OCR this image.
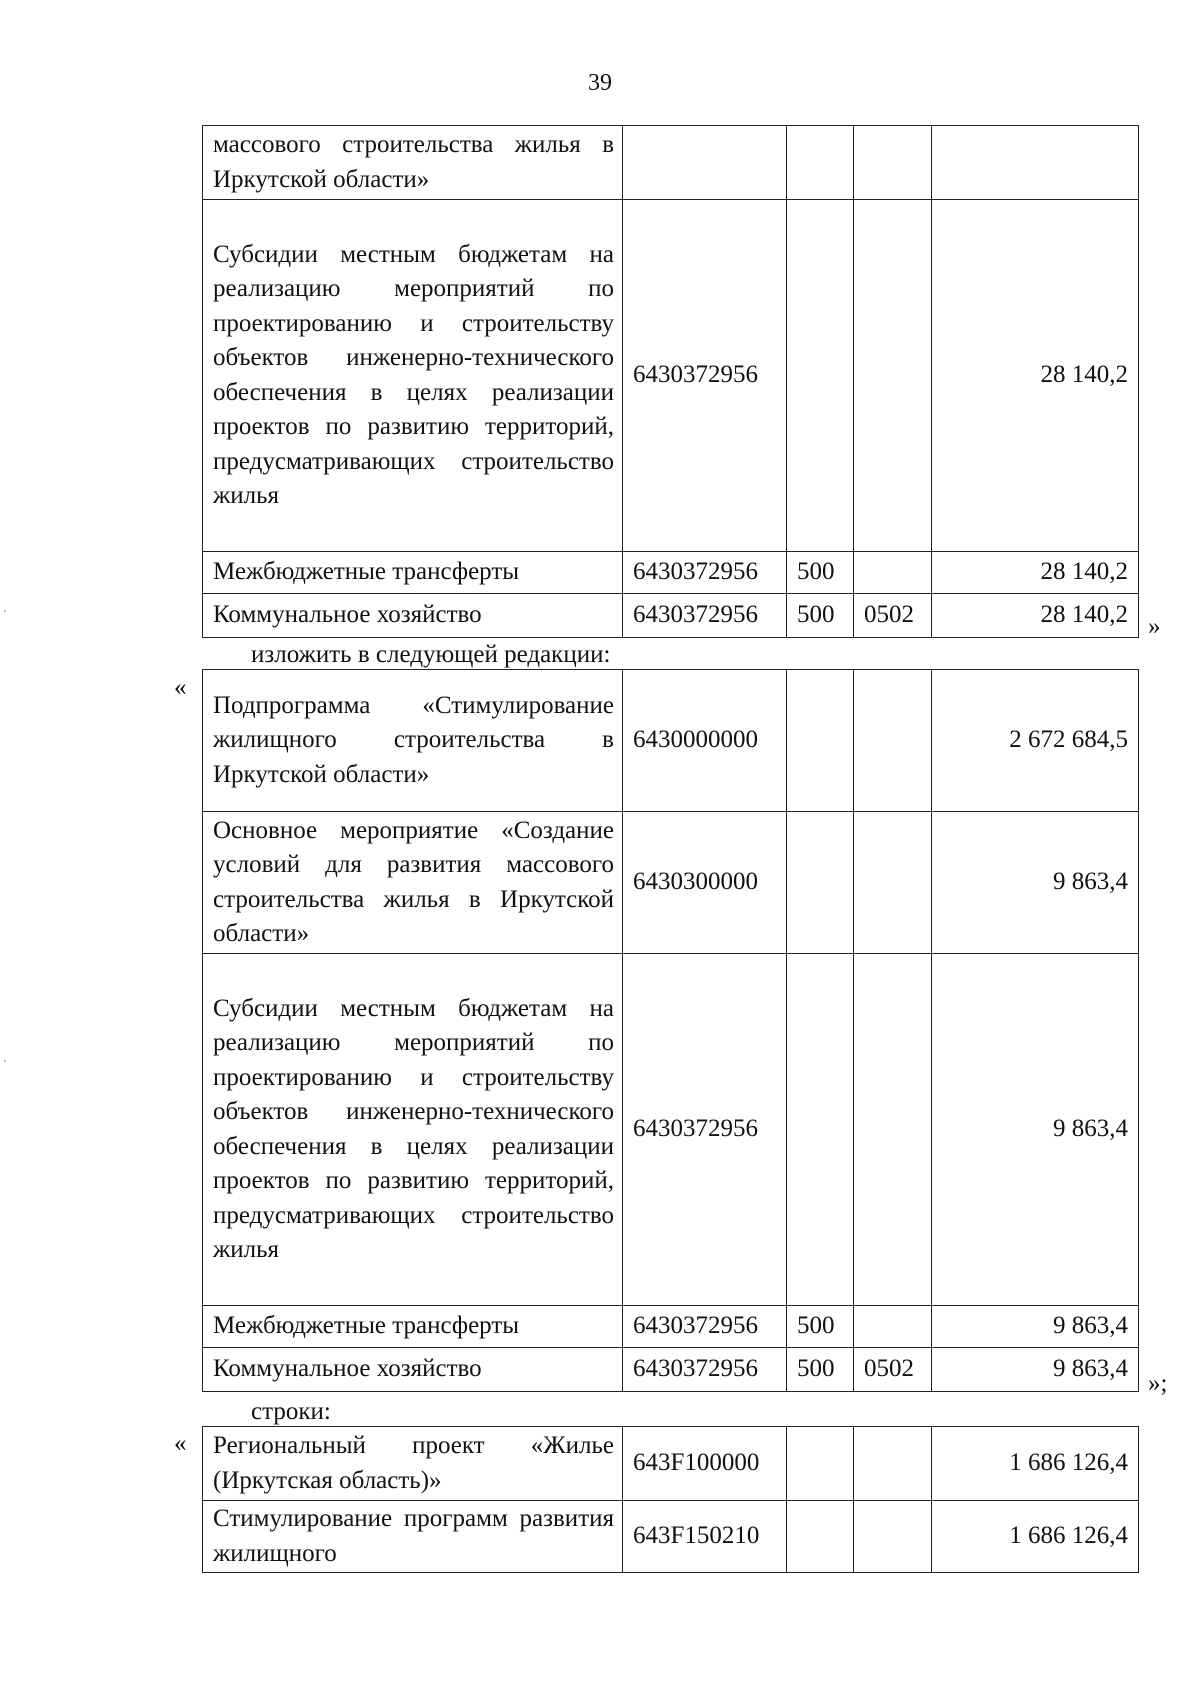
39
массового строительства жилья в Иркутской области»				
Субсидии местным бюджетам на реализацию мероприятий по проектированию и строительству объектов инженерно-технического обеспечения в целях реализации проектов по развитию территорий, предусматривающих строительство жилья	6430372956			28 140,2
Межбюджетные трансферты	6430372956	500		28 140,2
Коммунальное хозяйство	6430372956	500	0502	28 140,2 »
изложить в следующей редакции:
«
Подпрограмма «Стимулирование жилищного строительства в Иркутской области»	6430000000			2 672 684,5
Основное мероприятие «Создание условий для развития массового строительства жилья в Иркутской области»	6430300000			9 863,4
Субсидии местным бюджетам на реализацию мероприятий по проектированию и строительству объектов инженерно-технического обеспечения в целях реализации проектов по развитию территорий, предусматривающих строительство жилья	6430372956			9 863,4
Межбюджетные трансферты	6430372956	500		9 863,4
Коммунальное хозяйство	6430372956	500	0502	9 863,4
»;
строки:
« Региональный проект «Жилье (Иркутская область)»	643F100000			1 686 126,4
Стимулирование программ развития жилищного	643F150210			1 686 126,4
